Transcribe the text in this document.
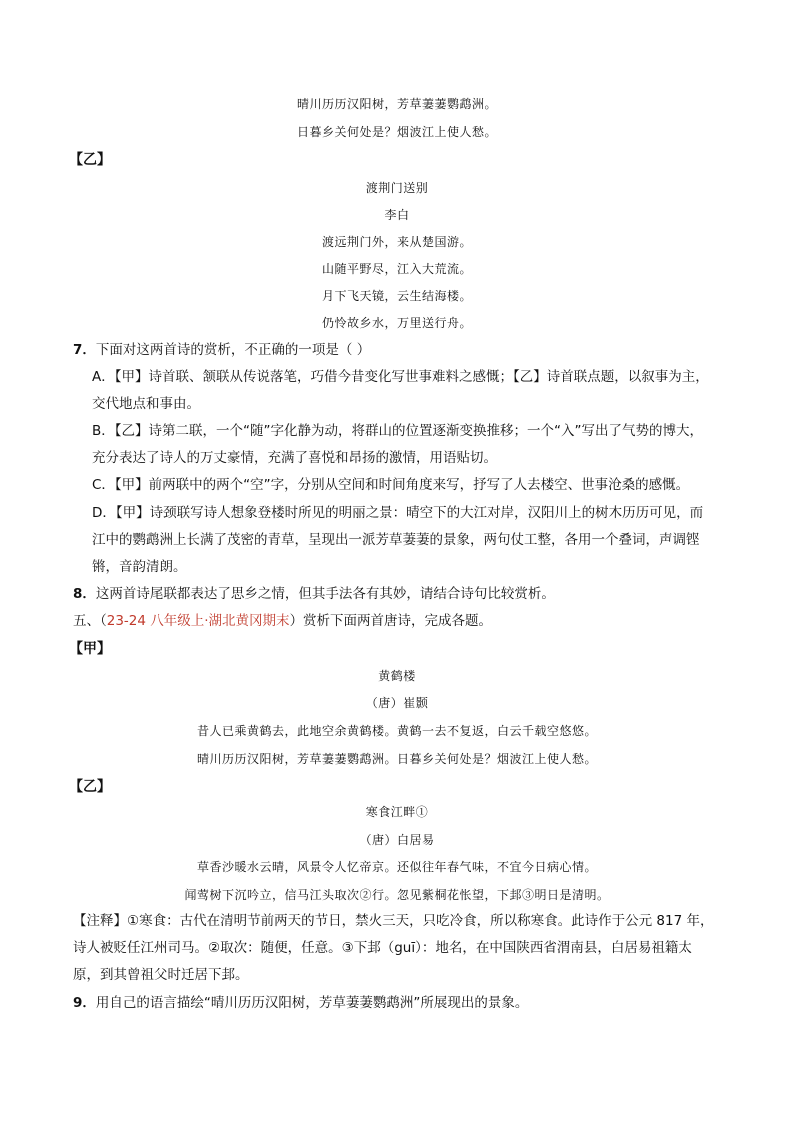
晴川历历汉阳树，芳草萋萋鹦鹉洲。
日暮乡关何处是？烟波江上使人愁。
【乙】
渡荆门送别
李白
渡远荆门外，来从楚国游。
山随平野尽，江入大荒流。
月下飞天镜，云生结海楼。
仍怜故乡水，万里送行舟。
7．下面对这两首诗的赏析，不正确的一项是（ ）
A．【甲】诗首联、颔联从传说落笔，巧借今昔变化写世事难料之感慨；【乙】诗首联点题，以叙事为主，
交代地点和事由。
B．【乙】诗第二联，一个“随”字化静为动，将群山的位置逐渐变换推移；一个“入”写出了气势的博大，
充分表达了诗人的万丈豪情，充满了喜悦和昂扬的激情，用语贴切。
C．【甲】前两联中的两个“空”字，分别从空间和时间角度来写，抒写了人去楼空、世事沧桑的感慨。
D．【甲】诗颈联写诗人想象登楼时所见的明丽之景：晴空下的大江对岸，汉阳川上的树木历历可见，而
江中的鹦鹉洲上长满了茂密的青草，呈现出一派芳草萋萋的景象，两句仗工整，各用一个叠词，声调铿
锵，音韵清朗。
8．这两首诗尾联都表达了思乡之情，但其手法各有其妙，请结合诗句比较赏析。
五、（23-24 八年级上·湖北黄冈期末）赏析下面两首唐诗，完成各题。
【甲】
黄鹤楼
（唐）崔颢
昔人已乘黄鹤去，此地空余黄鹤楼。黄鹤一去不复返，白云千载空悠悠。
晴川历历汉阳树，芳草萋萋鹦鹉洲。日暮乡关何处是？烟波江上使人愁。
【乙】
寒食江畔①
（唐）白居易
草香沙暖水云晴，风景令人忆帝京。还似往年春气味，不宜今日病心情。
闻莺树下沉吟立，信马江头取次②行。忽见紫桐花怅望，下邽③明日是清明。
【注释】①寒食：古代在清明节前两天的节日，禁火三天，只吃冷食，所以称寒食。此诗作于公元 817 年，
诗人被贬任江州司马。②取次：随便，任意。③下邽（guī）：地名，在中国陕西省渭南县，白居易祖籍太
原，到其曾祖父时迁居下邽。
9．用自己的语言描绘“晴川历历汉阳树，芳草萋萋鹦鹉洲”所展现出的景象。
